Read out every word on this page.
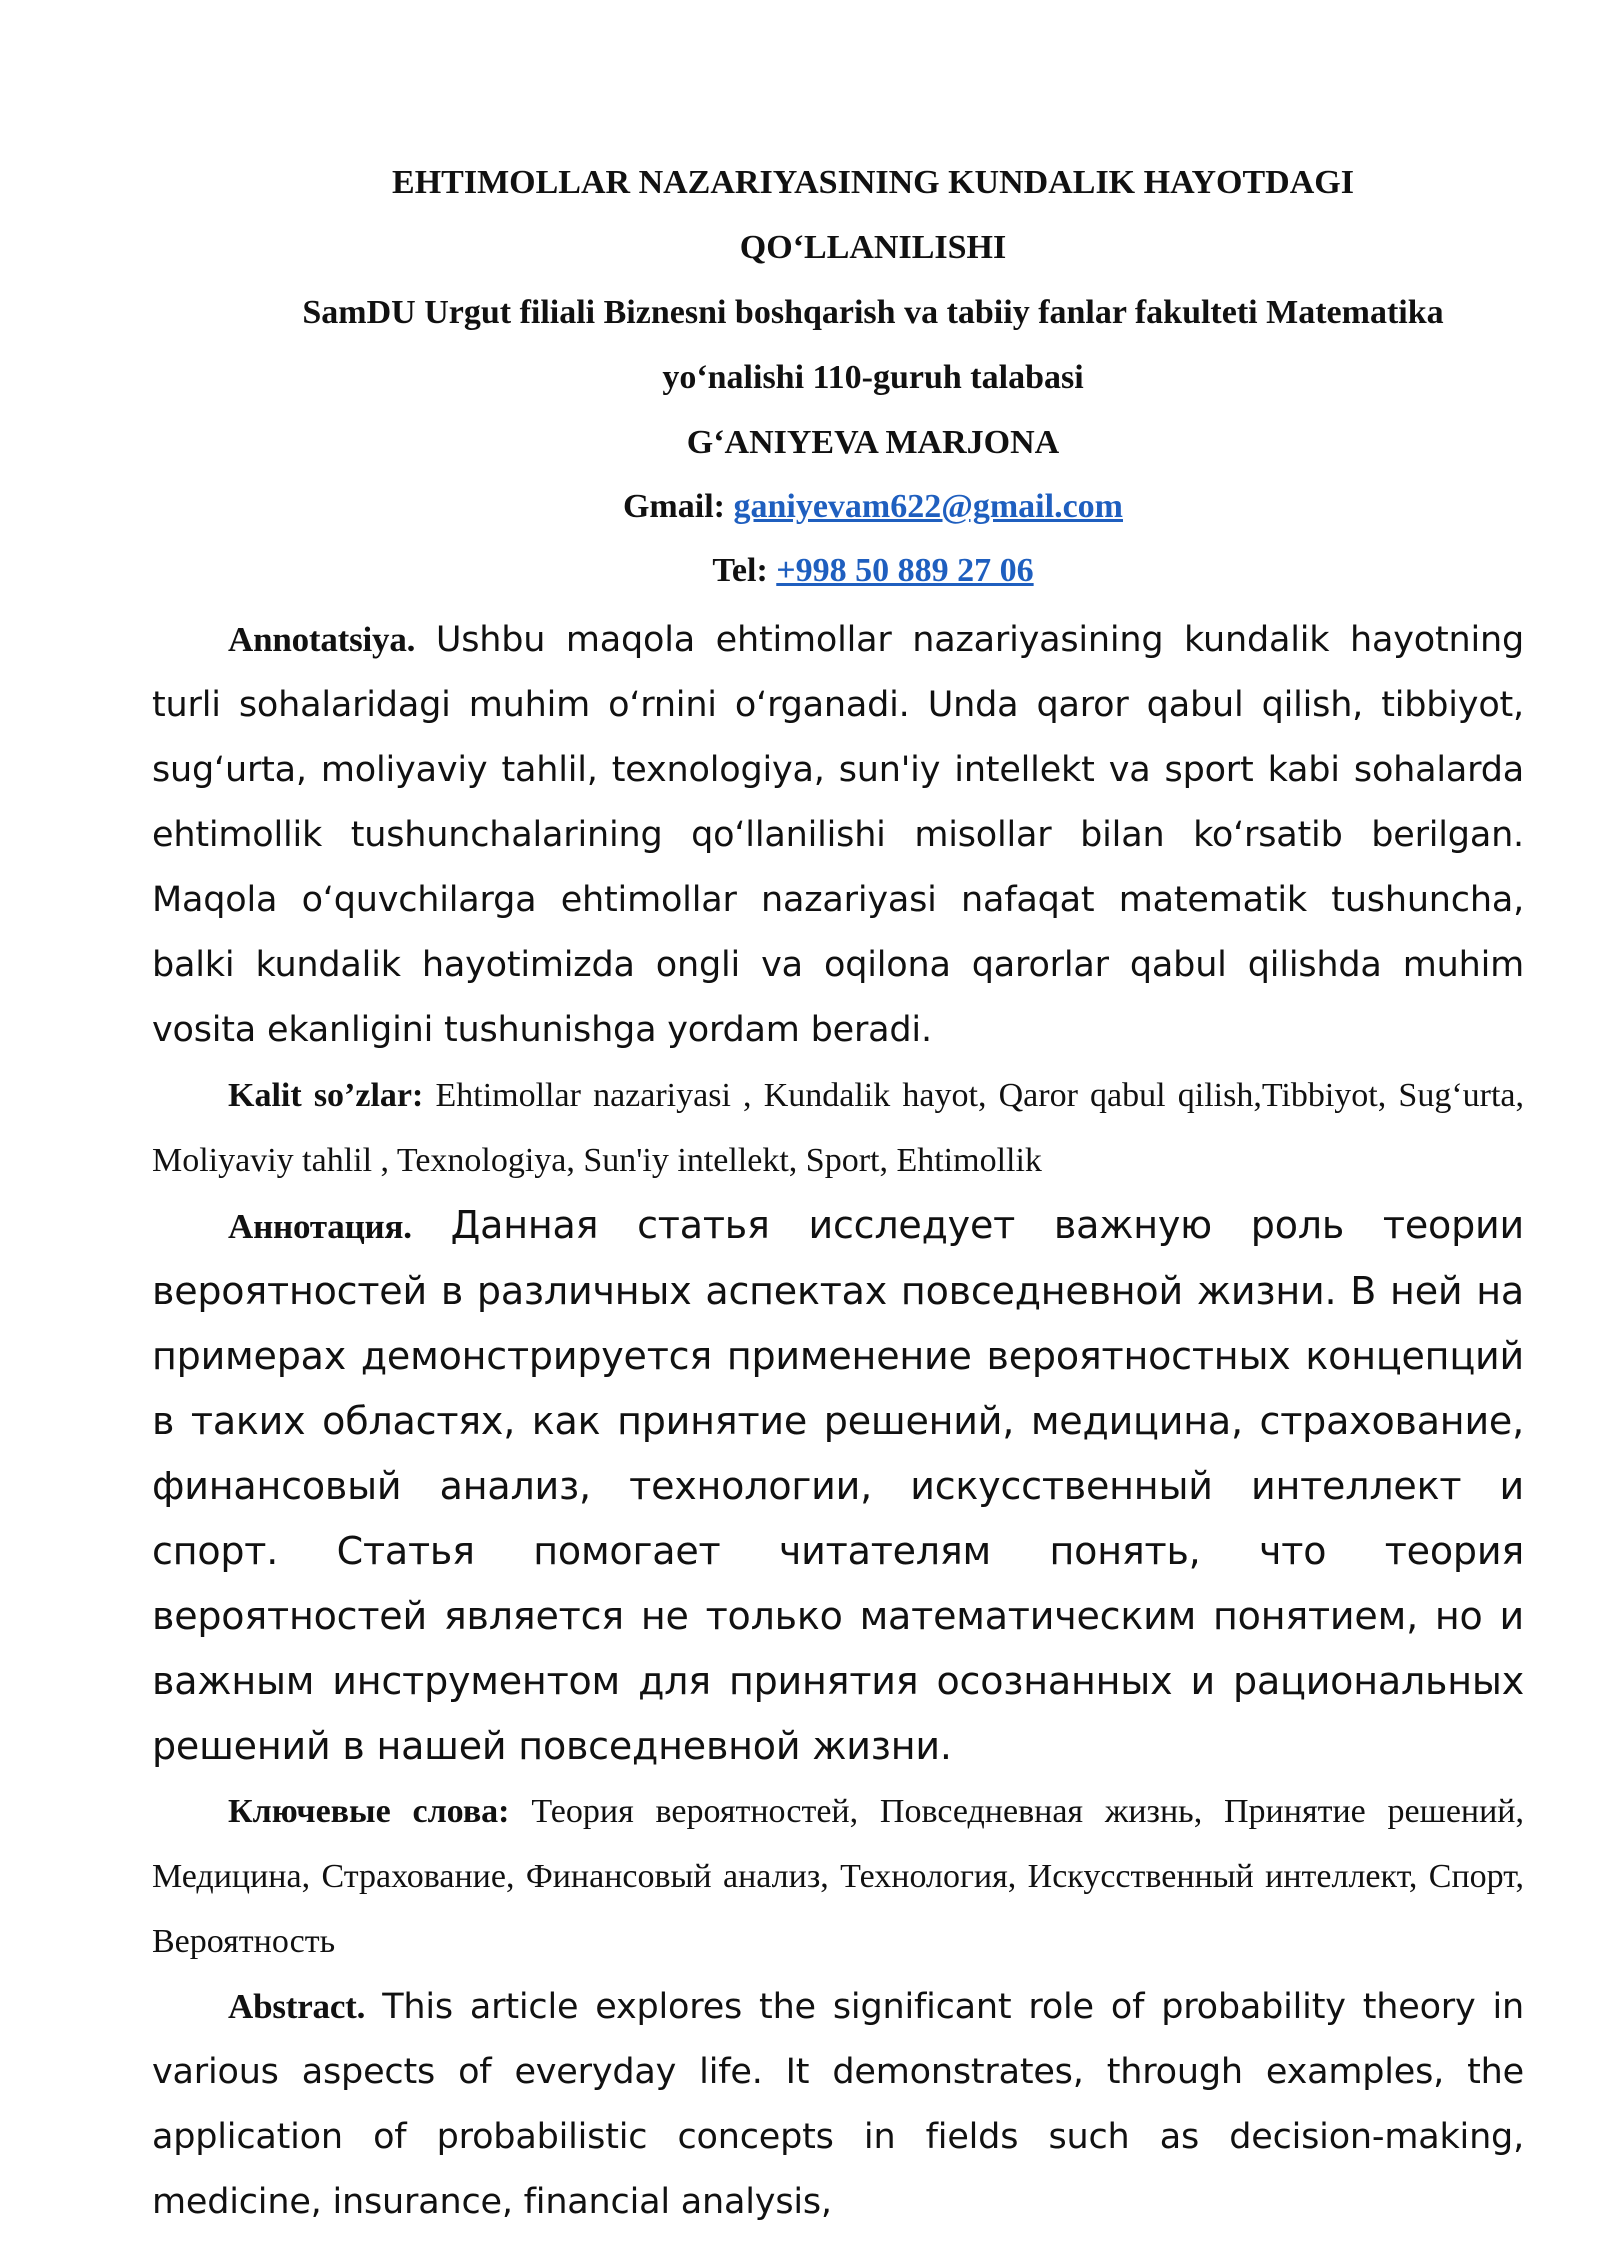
EHTIMOLLAR NAZARIYASINING KUNDALIK HAYOTDAGI
QO‘LLANILISHI
SamDU Urgut filiali Biznesni boshqarish va tabiiy fanlar fakulteti Matematika
yo‘nalishi 110-guruh talabasi
G‘ANIYEVA MARJONA
Gmail: ganiyevam622@gmail.com
Tel: +998 50 889 27 06

Annotatsiya. Ushbu maqola ehtimollar nazariyasining kundalik hayotning turli sohalaridagi muhim o‘rnini o‘rganadi. Unda qaror qabul qilish, tibbiyot, sug‘urta, moliyaviy tahlil, texnologiya, sun'iy intellekt va sport kabi sohalarda ehtimollik tushunchalarining qo‘llanilishi misollar bilan ko‘rsatib berilgan. Maqola o‘quvchilarga ehtimollar nazariyasi nafaqat matematik tushuncha, balki kundalik hayotimizda ongli va oqilona qarorlar qabul qilishda muhim vosita ekanligini tushunishga yordam beradi.

Kalit so’zlar: Ehtimollar nazariyasi , Kundalik hayot, Qaror qabul qilish,Tibbiyot, Sug‘urta, Moliyaviy tahlil , Texnologiya, Sun'iy intellekt, Sport, Ehtimollik

Аннотация. Данная статья исследует важную роль теории вероятностей в различных аспектах повседневной жизни. В ней на примерах демонстрируется применение вероятностных концепций в таких областях, как принятие решений, медицина, страхование, финансовый анализ, технологии, искусственный интеллект и спорт. Статья помогает читателям понять, что теория вероятностей является не только математическим понятием, но и важным инструментом для принятия осознанных и рациональных решений в нашей повседневной жизни.

Ключевые слова: Теория вероятностей, Повседневная жизнь, Принятие решений, Медицина, Страхование, Финансовый анализ, Технология, Искусственный интеллект, Спорт, Вероятность

Abstract. This article explores the significant role of probability theory in various aspects of everyday life. It demonstrates, through examples, the application of probabilistic concepts in fields such as decision-making, medicine, insurance, financial analysis,
